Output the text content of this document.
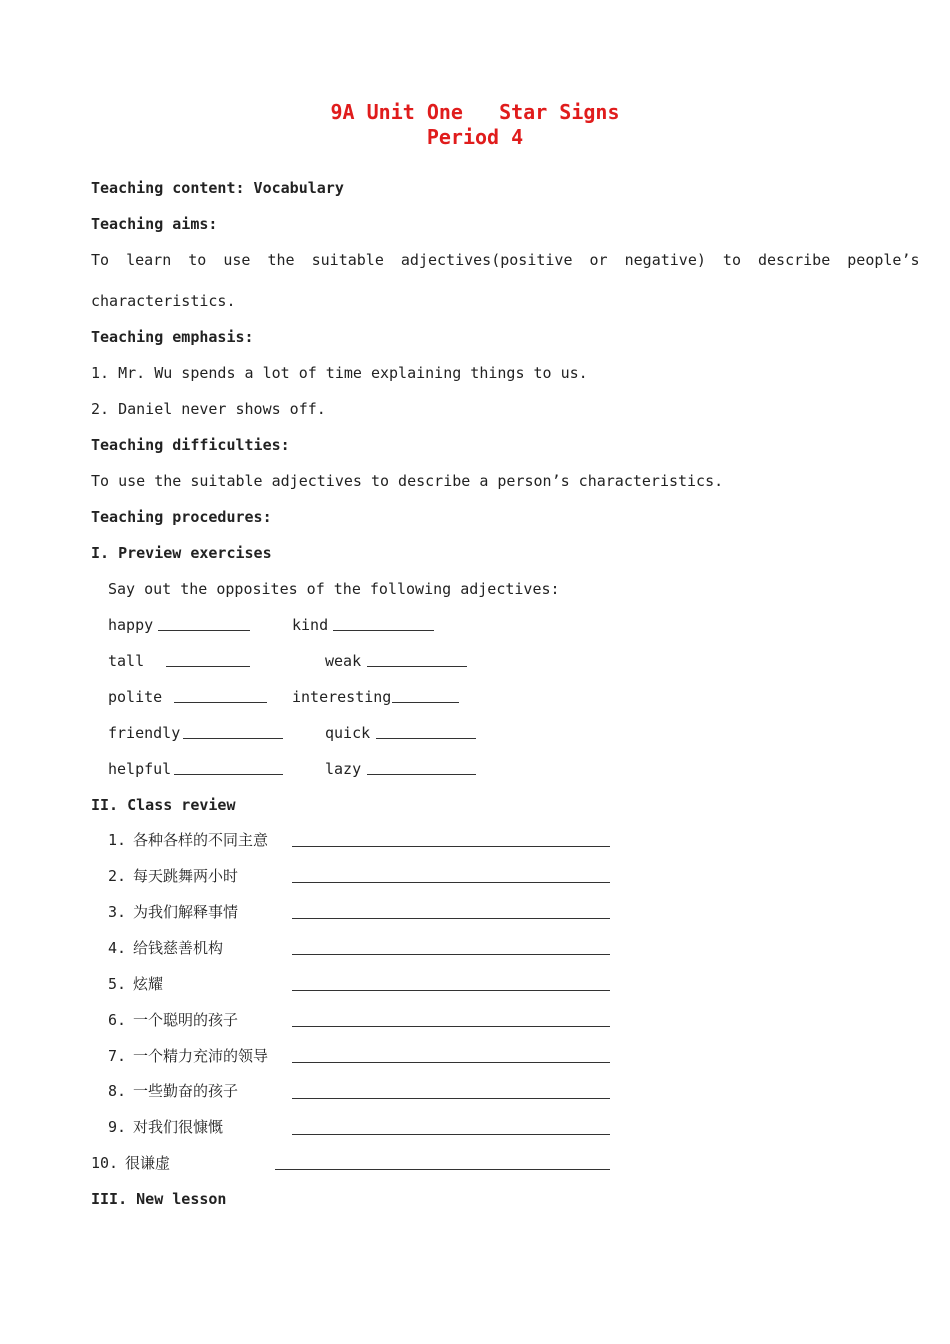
9A Unit One   Star Signs
Period 4
Teaching content: Vocabulary
Teaching aims:
To learn to use the suitable adjectives(positive or negative) to describe people’s
characteristics.
Teaching emphasis:
1. Mr. Wu spends a lot of time explaining things to us.
2. Daniel never shows off.
Teaching difficulties:
To use the suitable adjectives to describe a person’s characteristics.
Teaching procedures:
I. Preview exercises
Say out the opposites of the following adjectives:
happy	kind
tall	weak
polite	interesting
friendly	quick
helpful	lazy
II. Class review
1. 各种各样的不同主意
2. 每天跳舞两小时
3. 为我们解释事情
4. 给钱慈善机构
5. 炫耀
6. 一个聪明的孩子
7. 一个精力充沛的领导
8. 一些勤奋的孩子
9. 对我们很慷慨
10. 很谦虚
III. New lesson
